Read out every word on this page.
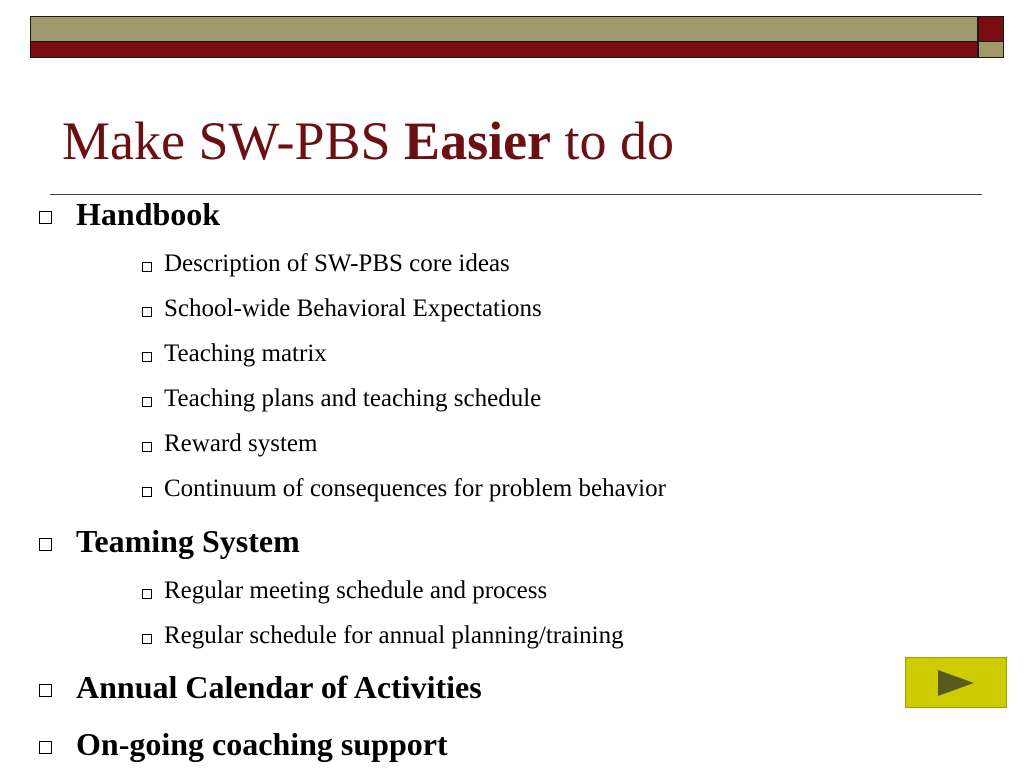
Make SW-PBS Easier to do
Handbook
Description of SW-PBS core ideas
School-wide Behavioral Expectations
Teaching matrix
Teaching plans and teaching schedule
Reward system
Continuum of consequences for problem behavior
Teaming System
Regular meeting schedule and process
Regular schedule for annual planning/training
Annual Calendar of Activities
On-going coaching support
